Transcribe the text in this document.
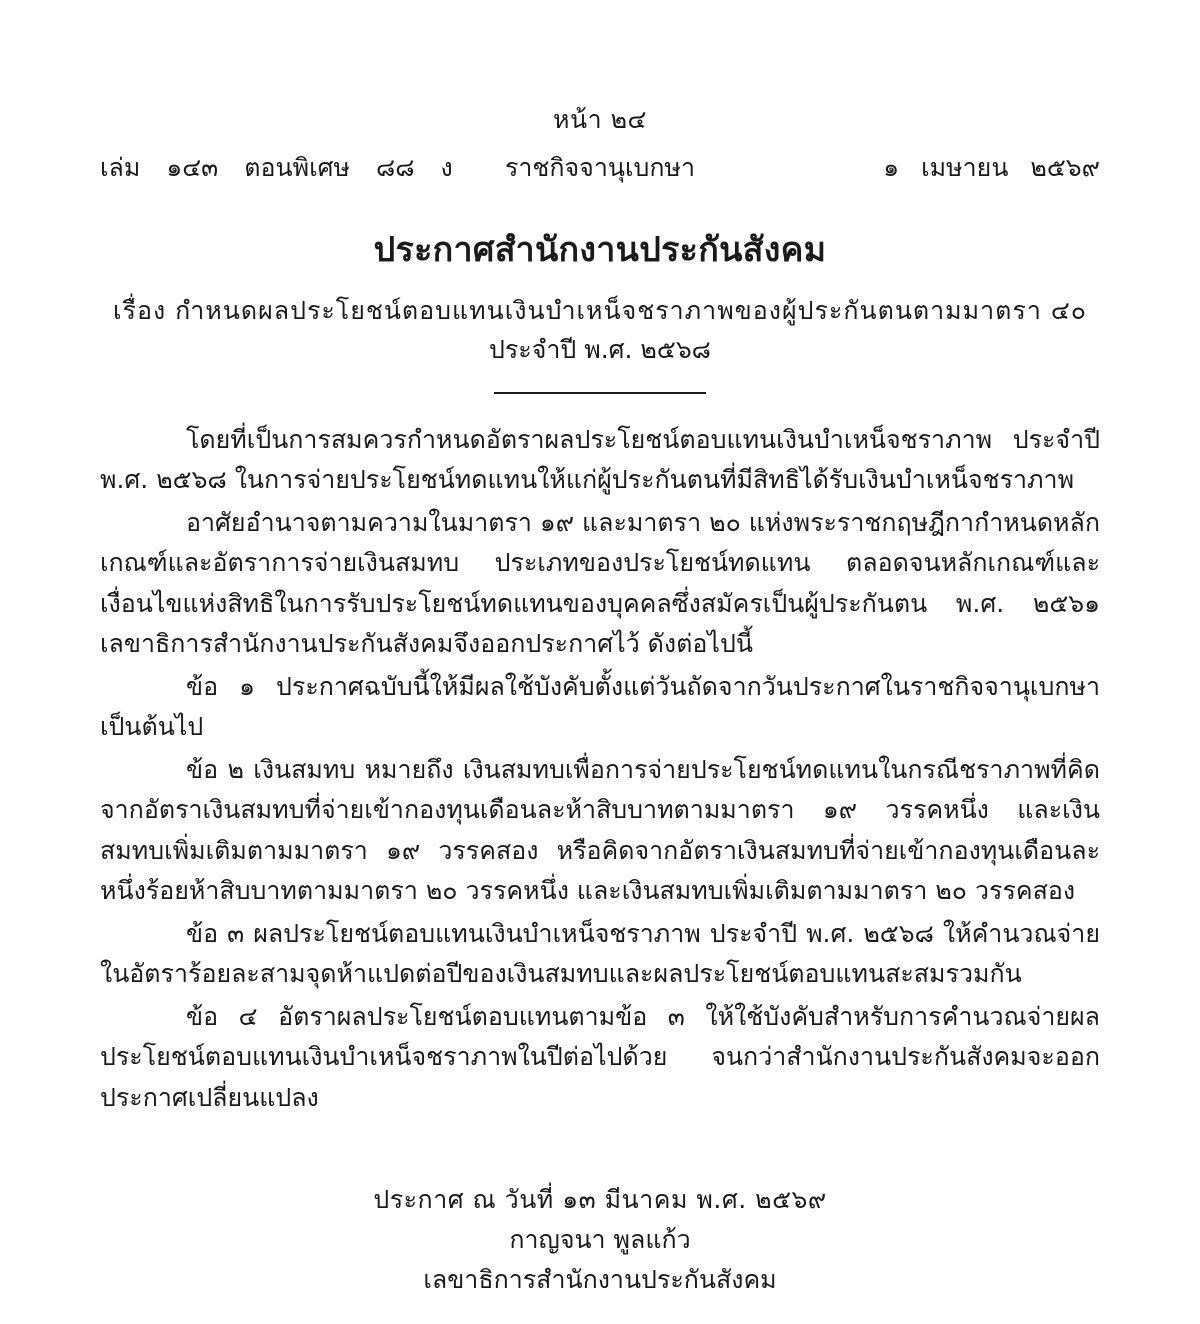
หน้า ๒๔
เล่ม ๑๔๓ ตอนพิเศษ ๘๘ ง ราชกิจจานุเบกษา	๑ เมษายน ๒๕๖๙
ประกาศสำนักงานประกันสังคม
เรื่อง กำหนดผลประโยชน์ตอบแทนเงินบำเหน็จชราภาพของผู้ประกันตนตามมาตรา ๔๐
ประจำปี พ.ศ. ๒๕๖๘

โดยที่เป็นการสมควรกำหนดอัตราผลประโยชน์ตอบแทนเงินบำเหน็จชราภาพ ประจำปี พ.ศ. ๒๕๖๘ ในการจ่ายประโยชน์ทดแทนให้แก่ผู้ประกันตนที่มีสิทธิได้รับเงินบำเหน็จชราภาพ

อาศัยอำนาจตามความในมาตรา ๑๙ และมาตรา ๒๐ แห่งพระราชกฤษฎีกากำหนดหลักเกณฑ์และอัตราการจ่ายเงินสมทบ ประเภทของประโยชน์ทดแทน ตลอดจนหลักเกณฑ์และเงื่อนไขแห่งสิทธิในการรับประโยชน์ทดแทนของบุคคลซึ่งสมัครเป็นผู้ประกันตน พ.ศ. ๒๕๖๑ เลขาธิการสำนักงานประกันสังคมจึงออกประกาศไว้ ดังต่อไปนี้

ข้อ ๑ ประกาศฉบับนี้ให้มีผลใช้บังคับตั้งแต่วันถัดจากวันประกาศในราชกิจจานุเบกษาเป็นต้นไป

ข้อ ๒ เงินสมทบ หมายถึง เงินสมทบเพื่อการจ่ายประโยชน์ทดแทนในกรณีชราภาพที่คิดจากอัตราเงินสมทบที่จ่ายเข้ากองทุนเดือนละห้าสิบบาทตามมาตรา ๑๙ วรรคหนึ่ง และเงินสมทบเพิ่มเติมตามมาตรา ๑๙ วรรคสอง หรือคิดจากอัตราเงินสมทบที่จ่ายเข้ากองทุนเดือนละหนึ่งร้อยห้าสิบบาทตามมาตรา ๒๐ วรรคหนึ่ง และเงินสมทบเพิ่มเติมตามมาตรา ๒๐ วรรคสอง

ข้อ ๓ ผลประโยชน์ตอบแทนเงินบำเหน็จชราภาพ ประจำปี พ.ศ. ๒๕๖๘ ให้คำนวณจ่ายในอัตราร้อยละสามจุดห้าแปดต่อปีของเงินสมทบและผลประโยชน์ตอบแทนสะสมรวมกัน

ข้อ ๔ อัตราผลประโยชน์ตอบแทนตามข้อ ๓ ให้ใช้บังคับสำหรับการคำนวณจ่ายผลประโยชน์ตอบแทนเงินบำเหน็จชราภาพในปีต่อไปด้วย จนกว่าสำนักงานประกันสังคมจะออกประกาศเปลี่ยนแปลง

ประกาศ ณ วันที่ ๑๓ มีนาคม พ.ศ. ๒๕๖๙
กาญจนา พูลแก้ว
เลขาธิการสำนักงานประกันสังคม
